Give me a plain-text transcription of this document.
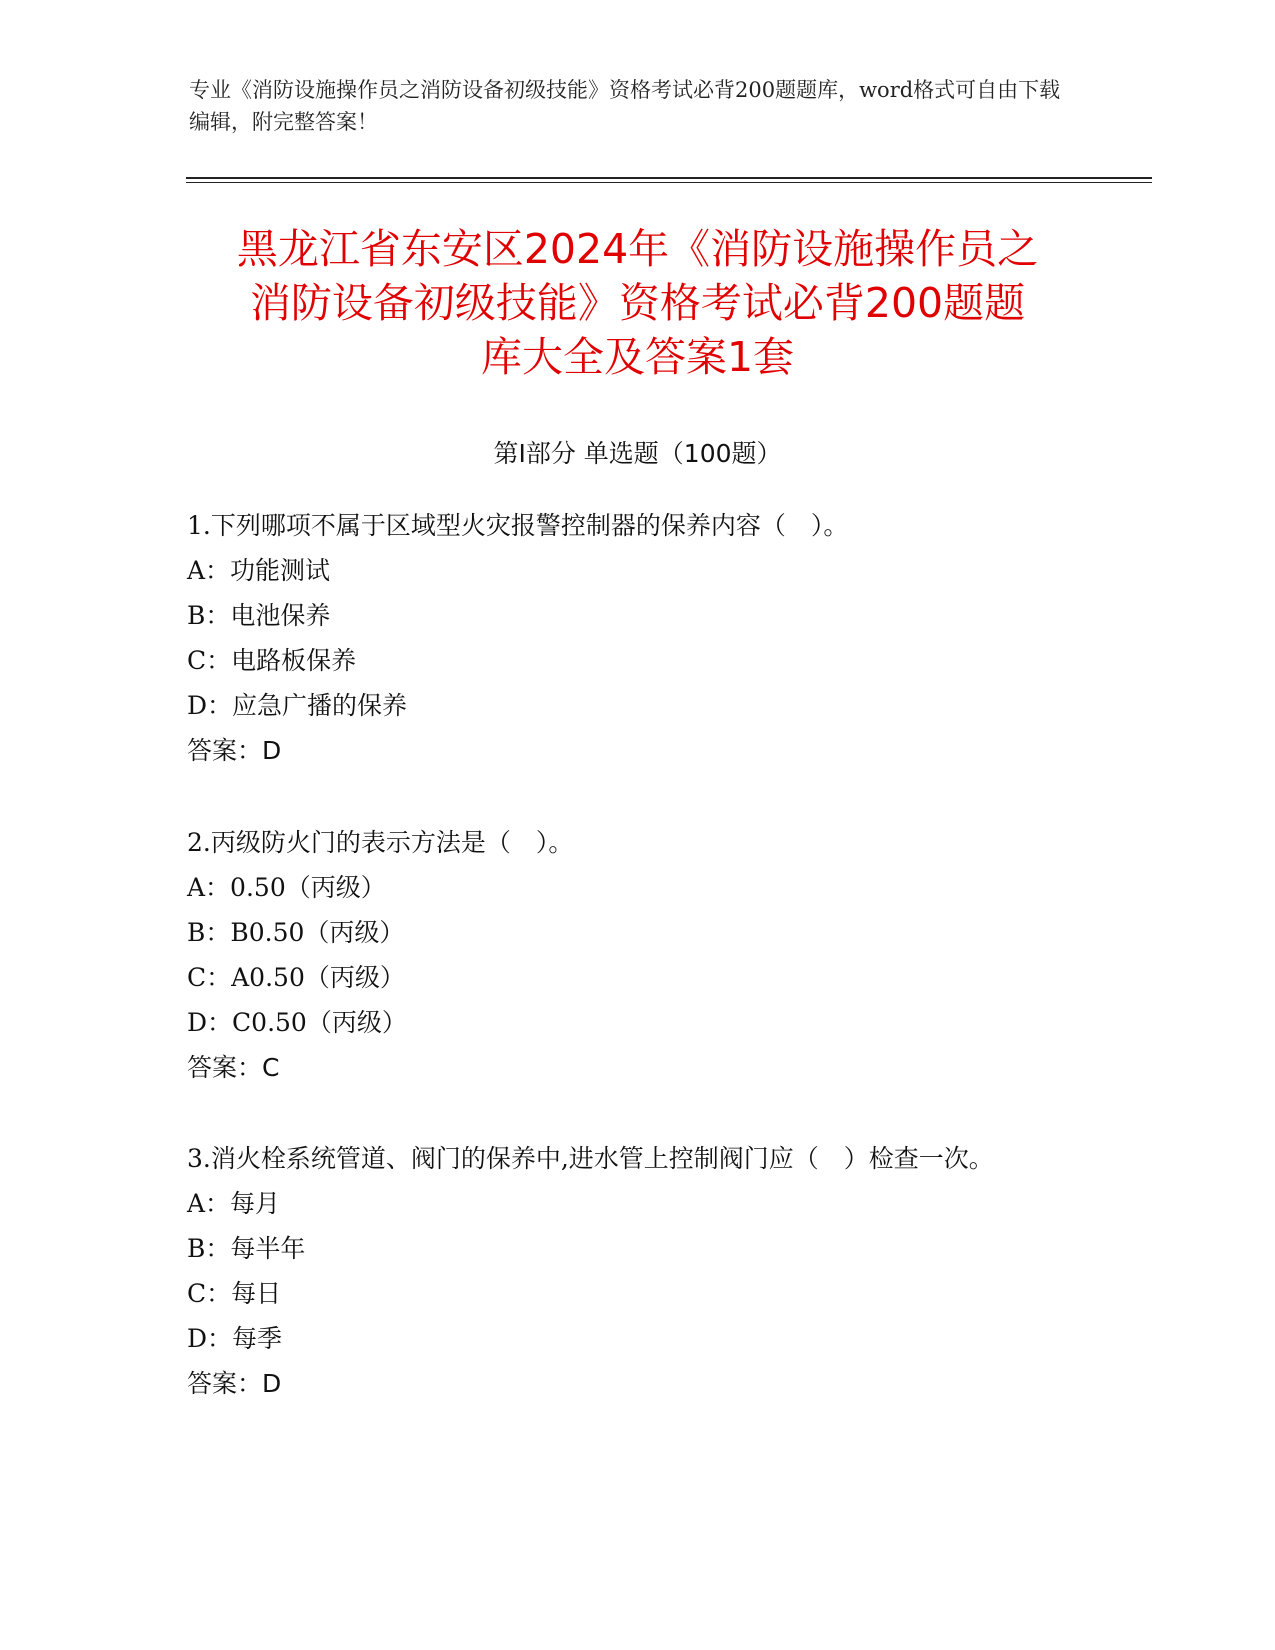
专业《消防设施操作员之消防设备初级技能》资格考试必背200题题库，word格式可自由下载编辑，附完整答案！
黑龙江省东安区2024年《消防设施操作员之
消防设备初级技能》资格考试必背200题题
库大全及答案1套
第Ⅰ部分 单选题（100题）

1.下列哪项不属于区域型火灾报警控制器的保养内容（　）。

A：功能测试

B：电池保养

C：电路板保养

D：应急广播的保养

答案：D

2.丙级防火门的表示方法是（　）。

A：0.50（丙级）

B：B0.50（丙级）

C：A0.50（丙级）

D：C0.50（丙级）

答案：C

3.消火栓系统管道、阀门的保养中,进水管上控制阀门应（　）检查一次。

A：每月

B：每半年

C：每日

D：每季

答案：D
